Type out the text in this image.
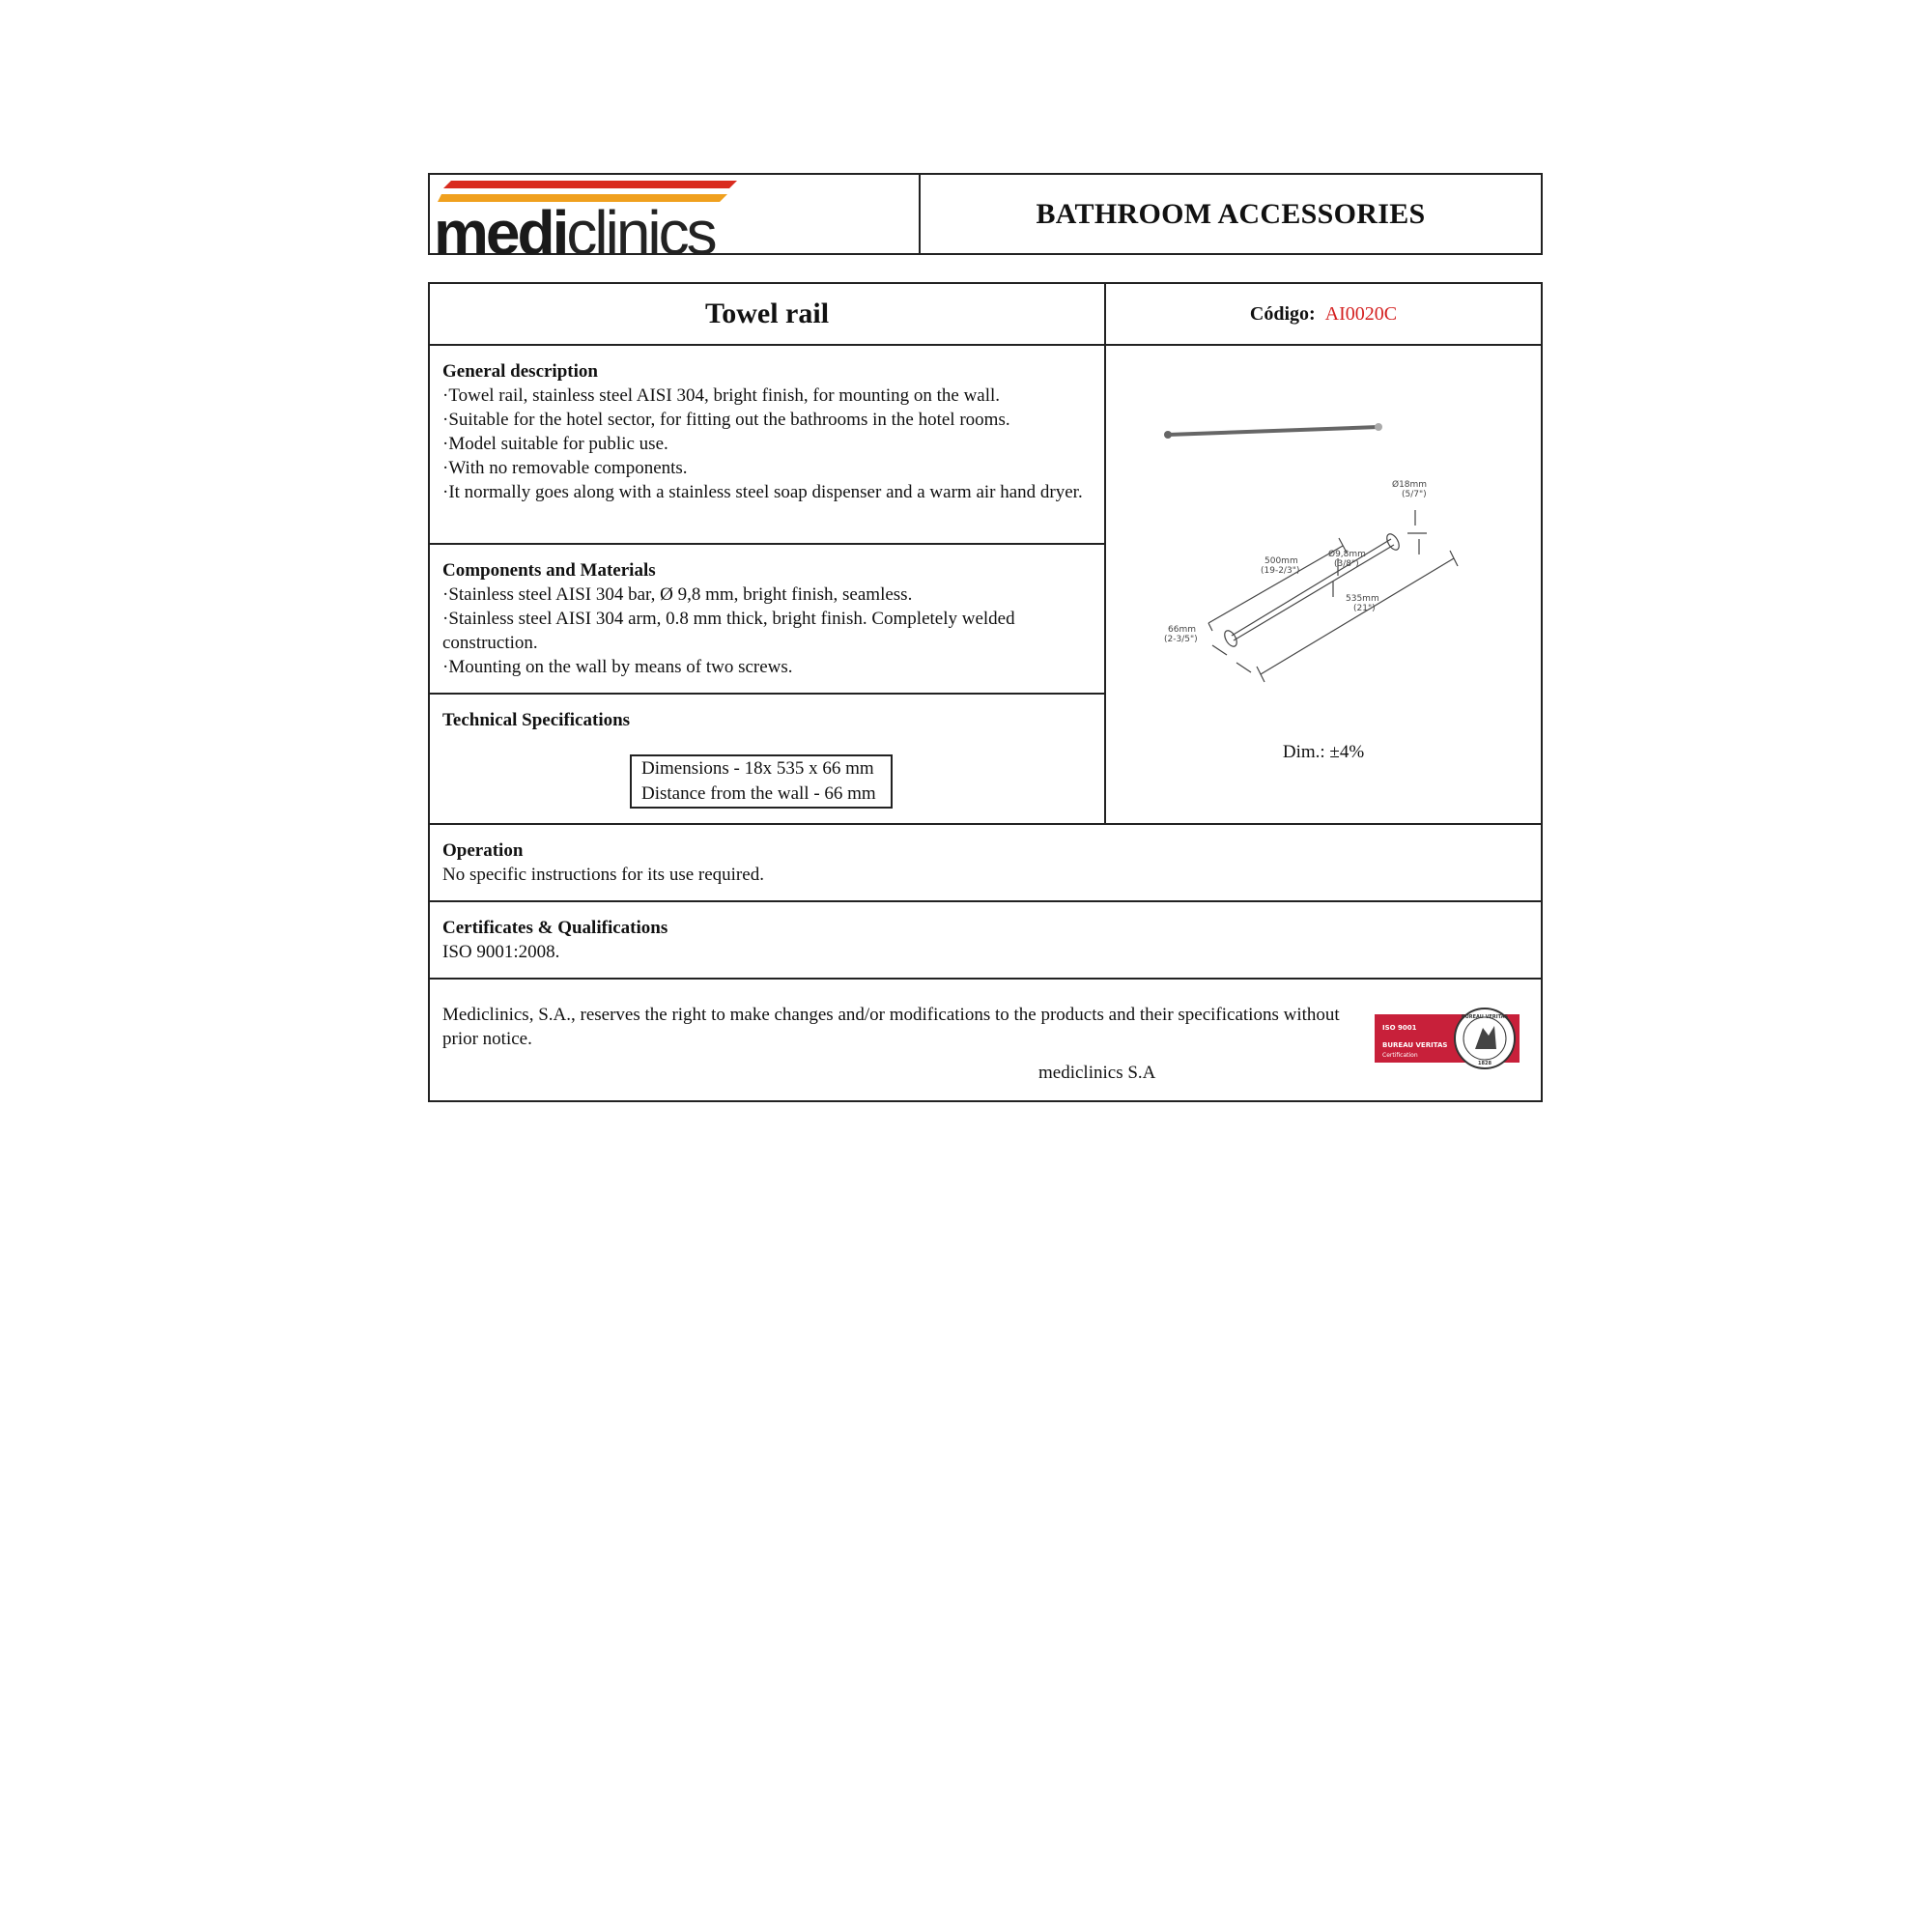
mediclinics	BATHROOM ACCESSORIES
Towel rail
General description

·Towel rail, stainless steel AISI 304, bright finish, for mounting on the wall.

·Suitable for the hotel sector, for fitting out the bathrooms in the hotel rooms.

·Model suitable for public use.

·With no removable components.

·It normally goes along with a stainless steel soap dispenser and a warm air hand dryer.

Components and Materials

·Stainless steel AISI 304 bar, Ø 9,8 mm, bright finish, seamless.

·Stainless steel AISI 304 arm, 0.8 mm thick, bright finish. Completely welded construction.

·Mounting on the wall by means of two screws.

Technical Specifications
Dimensions - 18x 535 x 66 mm
Distance from the wall - 66 mm
Código: AI0020C
Ø18mm
(5/7")
500mm
(19-2/3")
Ø9,8mm
(3/8")
535mm
(21")
66mm
(2-3/5")
Dim.: ±4%
Operation

No specific instructions for its use required.

Certificates & Qualifications

ISO 9001:2008.

Mediclinics, S.A., reserves the right to make changes and/or modifications to the products and their specifications without prior notice.

mediclinics S.A
ISO 9001
BUREAU VERITAS
Certification
BUREAU VERITAS
1828
